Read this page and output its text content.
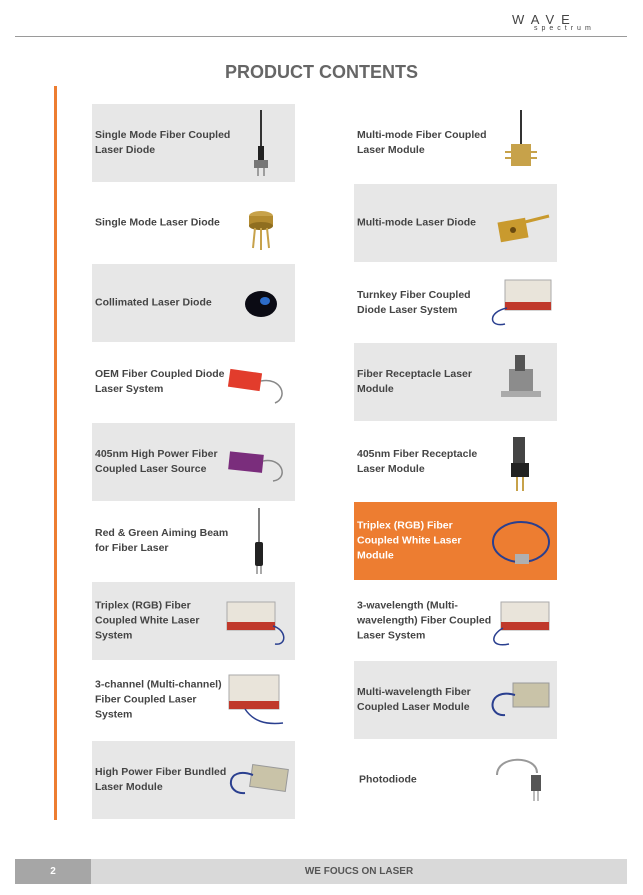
WAVE
spectrum
PRODUCT CONTENTS
Single Mode Fiber Coupled Laser Diode
Single Mode Laser Diode
Collimated Laser Diode
OEM Fiber Coupled Diode Laser System
405nm High Power Fiber Coupled Laser Source
Red & Green Aiming Beam for Fiber Laser
Triplex (RGB) Fiber Coupled White Laser System
3-channel (Multi-channel) Fiber Coupled Laser System
High Power Fiber Bundled Laser Module
Multi-mode Fiber Coupled Laser Module
Multi-mode Laser Diode
Turnkey Fiber Coupled Diode Laser System
Fiber Receptacle Laser Module
405nm Fiber Receptacle Laser Module
Triplex (RGB) Fiber Coupled White Laser Module
3-wavelength (Multi-wavelength) Fiber Coupled Laser System
Multi-wavelength Fiber Coupled Laser Module
Photodiode
2	WE FOUCS ON LASER
